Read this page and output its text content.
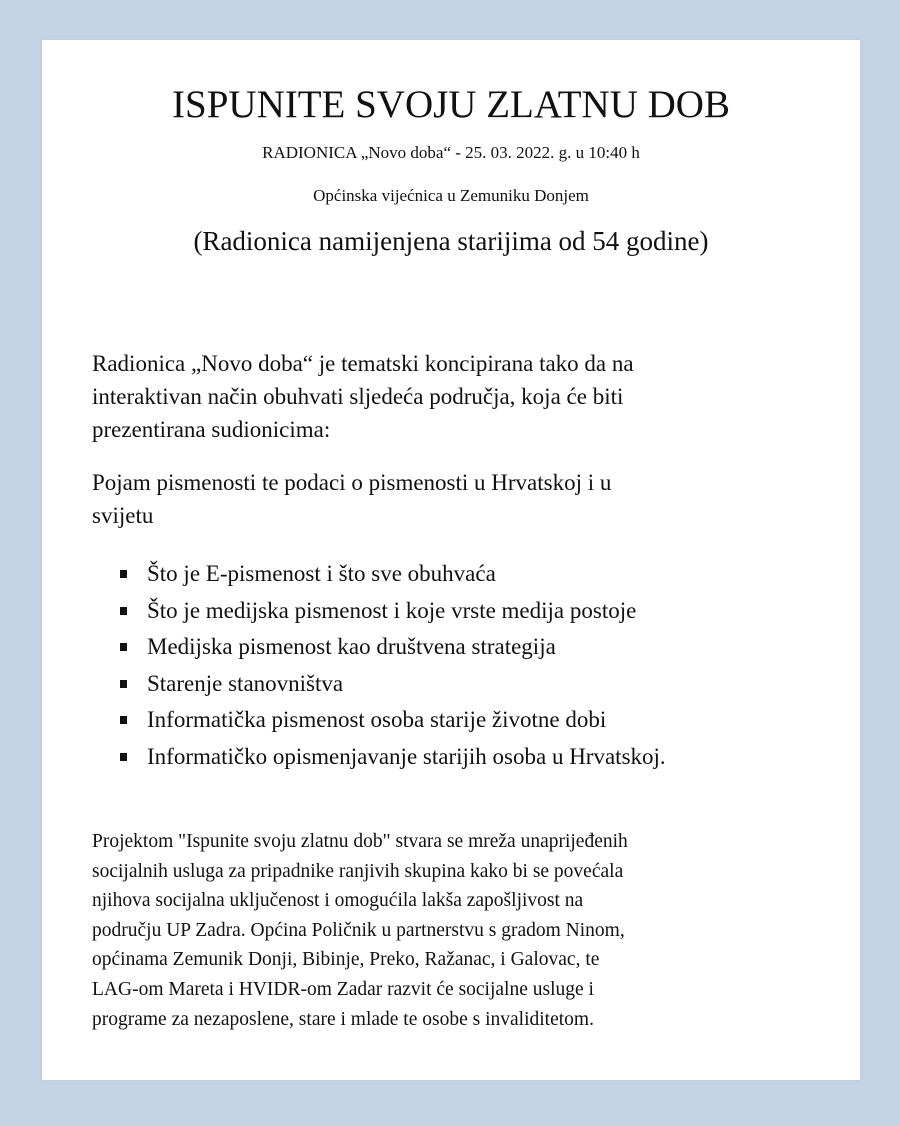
ISPUNITE SVOJU ZLATNU DOB
RADIONICA „Novo doba“ - 25. 03. 2022. g. u 10:40 h
Općinska vijećnica u Zemuniku Donjem
(Radionica namijenjena starijima od 54 godine)
Radionica „Novo doba“ je tematski koncipirana tako da na
interaktivan način obuhvati sljedeća područja, koja će biti
prezentirana sudionicima:
Pojam pismenosti te podaci o pismenosti u Hrvatskoj i u
svijetu
Što je E-pismenost i što sve obuhvaća
Što je medijska pismenost i koje vrste medija postoje
Medijska pismenost kao društvena strategija
Starenje stanovništva
Informatička pismenost osoba starije životne dobi
Informatičko opismenjavanje starijih osoba u Hrvatskoj.
Projektom "Ispunite svoju zlatnu dob" stvara se mreža unaprijeđenih
socijalnih usluga za pripadnike ranjivih skupina kako bi se povećala
njihova socijalna uključenost i omogućila lakša zapošljivost na
području UP Zadra. Općina Poličnik u partnerstvu s gradom Ninom,
općinama Zemunik Donji, Bibinje, Preko, Ražanac, i Galovac, te
LAG-om Mareta i HVIDR-om Zadar razvit će socijalne usluge i
programe za nezaposlene, stare i mlade te osobe s invaliditetom.
